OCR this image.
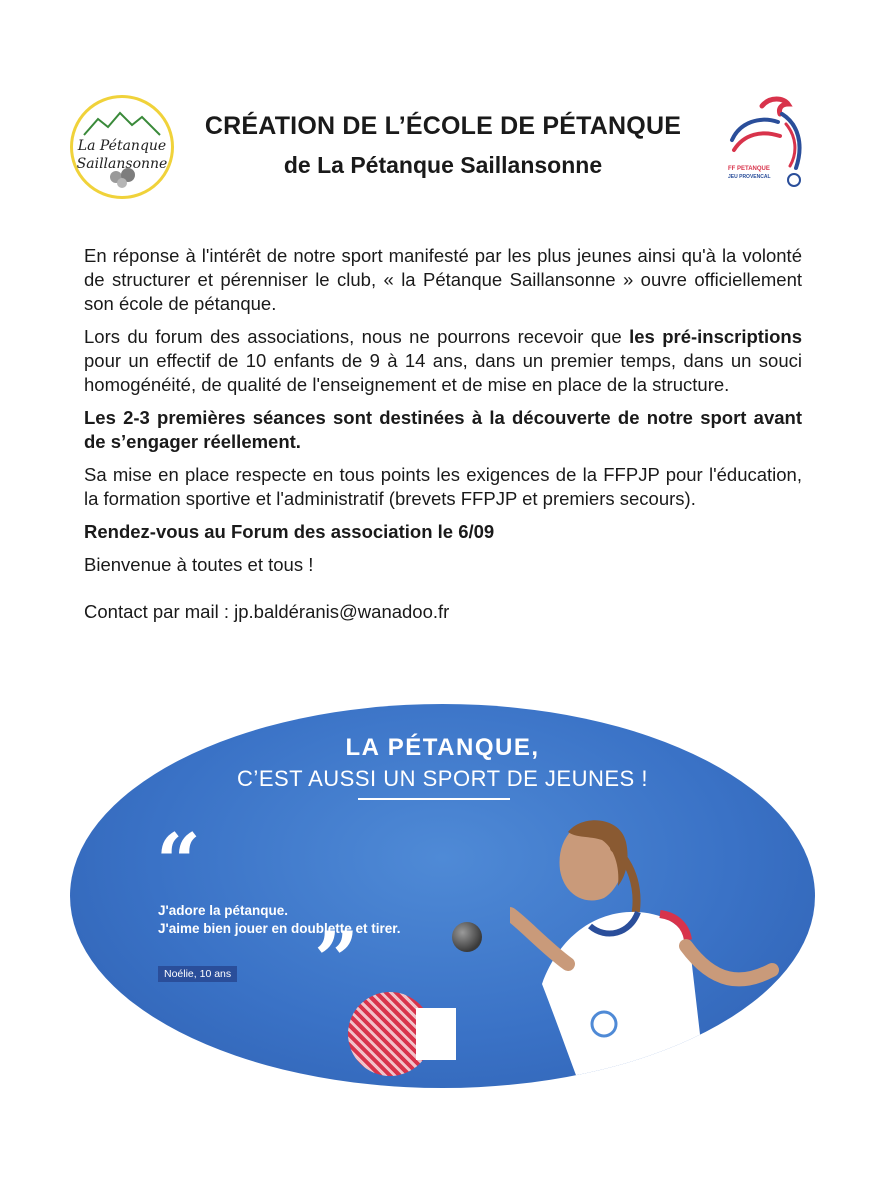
La Pétanque
Saillansonne
CRÉATION DE L’ÉCOLE DE PÉTANQUE
de La Pétanque Saillansonne	FF PETANQUE
JEU PROVENCAL

En réponse à l'intérêt de notre sport manifesté par les plus jeunes ainsi qu'à la volonté de structurer et pérenniser le club, « la Pétanque Saillansonne » ouvre officiellement son école de pétanque.

Lors du forum des associations, nous ne pourrons recevoir que les pré-inscriptions pour un effectif de 10 enfants de 9 à 14 ans, dans un premier temps, dans un souci homogénéité, de qualité de l'enseignement et de mise en place de la structure.

Les 2-3 premières séances sont destinées à la découverte de notre sport avant de s’engager réellement.

Sa mise en place respecte en tous points les exigences de la FFPJP pour l'éducation, la formation sportive et l'administratif (brevets FFPJP et premiers secours).

Rendez-vous au Forum des association le 6/09

Bienvenue à toutes et tous !

Contact par mail : jp.baldéranis@wanadoo.fr

LA PÉTANQUE,
C’EST AUSSI UN SPORT DE JEUNES !
“
J'adore la pétanque.
J'aime bien jouer en doublette et tirer.
Noélie, 10 ans ”
